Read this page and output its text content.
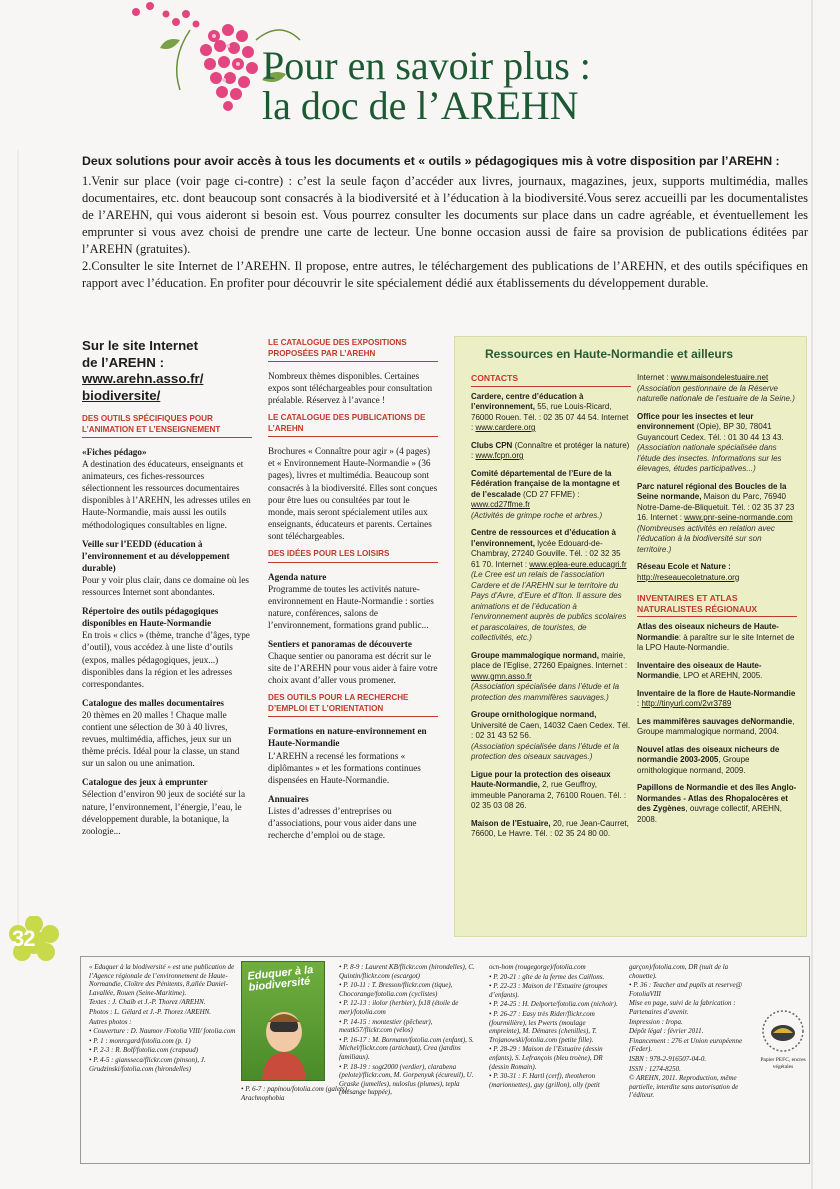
Pour en savoir plus :
la doc de l’AREHN

Deux solutions pour avoir accès à tous les documents et « outils » pédagogiques mis à votre disposition par l’AREHN :

1.Venir sur place (voir page ci-contre) : c’est la seule façon d’accéder aux livres, journaux, magazines, jeux, supports multimédia, malles documentaires, etc. dont beaucoup sont consacrés à la biodiversité et à l’éducation à la biodiversité.Vous serez accueilli par les documentalistes de l’AREHN, qui vous aideront si besoin est. Vous pourrez consulter les documents sur place dans un cadre agréable, et éventuellement les emprunter si vous avez choisi de prendre une carte de lecteur. Une bonne occasion aussi de faire sa provision de publications éditées par l’AREHN (gratuites).

2.Consulter le site Internet de l’AREHN. Il propose, entre autres, le téléchargement des publications de l’AREHN, et des outils spécifiques en rapport avec l’éducation. En profiter pour découvrir le site spécialement dédié aux établissements du développement durable.

Sur le site Internet
de l’AREHN :
www.arehn.asso.fr/
biodiversite/
DES OUTILS SPÉCIFIQUES POUR L’ANIMATION ET L’ENSEIGNEMENT
«Fiches pédago»
A destination des éducateurs, enseignants et animateurs, ces fiches-ressources sélectionnent les ressources documentaires disponibles à l’AREHN, les adresses utiles en Haute-Normandie, mais aussi les outils méthodologiques consultables en ligne.
Veille sur l’EEDD (éducation à l’environnement et au développement durable)
Pour y voir plus clair, dans ce domaine où les ressources Internet sont abondantes.
Répertoire des outils pédagogiques disponibles en Haute-Normandie
En trois « clics » (thème, tranche d’âges, type d’outil), vous accédez à une liste d’outils (expos, malles pédagogiques, jeux...) disponibles dans la région et les adresses correspondantes.
Catalogue des malles documentaires
20 thèmes en 20 malles ! Chaque malle contient une sélection de 30 à 40 livres, revues, multimédia, affiches, jeux sur un thème précis. Idéal pour la classe, un stand sur un salon ou une animation.
Catalogue des jeux à emprunter
Sélection d’environ 90 jeux de société sur la nature, l’environnement, l’énergie, l’eau, le développement durable, la botanique, la zoologie...
LE CATALOGUE DES EXPOSITIONS PROPOSÉES PAR L’AREHN
Nombreux thèmes disponibles. Certaines expos sont téléchargeables pour consultation préalable. Réservez à l’avance !
LE CATALOGUE DES PUBLICATIONS DE L’AREHN
Brochures « Connaître pour agir » (4 pages) et « Environnement Haute-Normandie » (36 pages), livres et multimédia. Beaucoup sont consacrés à la biodiversité. Elles sont conçues pour être lues ou consultées par tout le monde, mais seront spécialement utiles aux enseignants, éducateurs et parents. Certaines sont téléchargeables.
DES IDÉES POUR LES LOISIRS
Agenda nature
Programme de toutes les activités nature-environnement en Haute-Normandie : sorties nature, conférences, salons de l’environnement, formations grand public...
Sentiers et panoramas de découverte
Chaque sentier ou panorama est décrit sur le site de l’AREHN pour vous aider à faire votre choix avant d’aller vous promener.
DES OUTILS POUR LA RECHERCHE D’EMPLOI ET L’ORIENTATION
Formations en nature-environnement en Haute-Normandie
L’AREHN a recensé les formations « diplômantes » et les formations continues dispensées en Haute-Normandie.
Annuaires
Listes d’adresses d’entreprises ou d’associations, pour vous aider dans une recherche d’emploi ou de stage.
Ressources en Haute-Normandie et ailleurs
CONTACTS
Cardere, centre d’éducation à l’environnement, 55, rue Louis-Ricard, 76000 Rouen. Tél. : 02 35 07 44 54. Internet : www.cardere.org
Clubs CPN (Connaître et protéger la nature) : www.fcpn.org
Comité départemental de l’Eure de la Fédération française de la montagne et de l’escalade (CD 27 FFME) : www.cd27ffme.fr
(Activités de grimpe roche et arbres.)
Centre de ressources et d’éducation à l’environnement, lycée Edouard-de-Chambray, 27240 Gouville. Tél. : 02 32 35 61 70. Internet : www.eplea-eure.educagri.fr
(Le Cree est un relais de l’association Cardere et de l’AREHN sur le territoire du Pays d’Avre, d’Eure et d’Iton. Il assure des animations et de l’éducation à l’environnement auprès de publics scolaires et parascolaires, de touristes, de collectivités, etc.)
Groupe mammalogique normand, mairie, place de l’Eglise, 27260 Epaignes. Internet : www.gmn.asso.fr
(Association spécialisée dans l’étude et la protection des mammifères sauvages.)
Groupe ornithologique normand, Université de Caen, 14032 Caen Cedex. Tél. : 02 31 43 52 56.
(Association spécialisée dans l’étude et la protection des oiseaux sauvages.)
Ligue pour la protection des oiseaux Haute-Normandie, 2, rue Geuffroy, immeuble Panorama 2, 76100 Rouen. Tél. : 02 35 03 08 26.
Maison de l’Estuaire, 20, rue Jean-Caurret, 76600, Le Havre. Tél. : 02 35 24 80 00.
Internet : www.maisondelestuaire.net
(Association gestionnaire de la Réserve naturelle nationale de l’estuaire de la Seine.)
Office pour les insectes et leur environnement (Opie), BP 30, 78041 Guyancourt Cedex. Tél. : 01 30 44 13 43.
(Association nationale spécialisée dans l’étude des insectes. Informations sur les élevages, études participatives...)
Parc naturel régional des Boucles de la Seine normande, Maison du Parc, 76940 Notre-Dame-de-Bliquetuit. Tél. : 02 35 37 23 16. Internet : www.pnr-seine-normande.com
(Nombreuses activités en relation avec l’éducation à la biodiversité sur son territoire.)
Réseau Ecole et Nature :
http://reseauecoletnature.org
INVENTAIRES ET ATLAS NATURALISTES RÉGIONAUX
Atlas des oiseaux nicheurs de Haute-Normandie: à paraître sur le site Internet de la LPO Haute-Normandie.
Inventaire des oiseaux de Haute-Normandie, LPO et AREHN, 2005.
Inventaire de la flore de Haute-Normandie : http://tinyurl.com/2vr3789
Les mammifères sauvages deNormandie, Groupe mammalogique normand, 2004.
Nouvel atlas des oiseaux nicheurs de normandie 2003-2005, Groupe ornithologique normand, 2009.
Papillons de Normandie et des îles Anglo-Normandes - Atlas des Rhopalocères et des Zygènes, ouvrage collectif, AREHN, 2008.
32

« Eduquer à la biodiversité » est une publication de l’Agence régionale de l’environnement de Haute-Normandie, Cloître des Pénitents, 8,allée Daniel-Lavallée, Rouen (Seine-Maritime).

Textes : J. Chaïb et J.-P. Thorez /AREHN.

Photos : L. Gélard et J.-P. Thorez /AREHN.

Autres photos :

• Couverture : D. Naumov /Fotolia VIII/ fotolia.com

• P. 1 : monrcgard/fotolia.com (p. 1)

• P. 2-3 : R. Bolf/fotolia.com (crapaud)

• P. 4-5 : giansseca/flickr.com (pinson), J. Grudzinski/fotolia.com (hirondelles)

Eduquer à la biodiversité

• P. 6-7 : papinou/fotolia.com (galets), Arachnophobia

• P. 8-9 : Laurent KB/flickr.com (hirondelles), C. Quintin/flickr.com (escargot)

• P. 10-11 : T. Bresson/flickr.com (tique), Chocorange/fotolia.com (cyclistes)

• P. 12-13 : ilolor (herbier), fx18 (étoile de mer)/fotolia.com

• P. 14-15 : montestier (pêcheur), meutk57/flickr.com (vélos)

• P. 16-17 : M. Bormann/fotolia.com (enfant), S. Michel/flickr.com (artichaut), Crea (jardins familiaux).

• P. 18-19 : sogt2000 (verdier), clarabena (pelote)/flickr.com, M. Gorpenyuk (écureuil), U. Graske (jumelles), nuloslus (plumes), tepla (mésange huppée),

ocn-hom (rougegorge)/fotolia.com

• P. 20-21 : gîte de la ferme des Caillons.

• P. 22-23 : Maison de l’Estuaire (groupes d’enfants).

• P. 24-25 : H. Delporte/fotolia.com (nichoir).

• P. 26-27 : Easy très Rider/flickr.com (fourmilière), les Pwerts (moulage empreinte), M. Démares (chenilles), T. Trojanowski/fotolia.com (petite fille).

• P. 28-29 : Maison de l’Estuaire (dessin enfants), S. Lefrançois (bleu troène), DR (dessin Romain).

• P. 30-31 : F. Hartl (cerf), theotheron (marionnettes), guy (grillon), olly (petit

garçon)/fotolia.com, DR (nuit de la chouette).

• P. 36 : Teacher and pupils at reserve@ FotoliaVIII

Mise en page, suivi de la fabrication : Partenaires d’avenir.

Impression : Iropa.

Dépôt légal : février 2011.

Financement : 276 et Union européenne (Feder).

ISBN : 978-2-916507-04-0.

ISSN : 1274-8250.

© AREHN, 2011. Reproduction, même partielle, interdite sans autorisation de l’éditeur.

Papier PEFC, encres végétales
